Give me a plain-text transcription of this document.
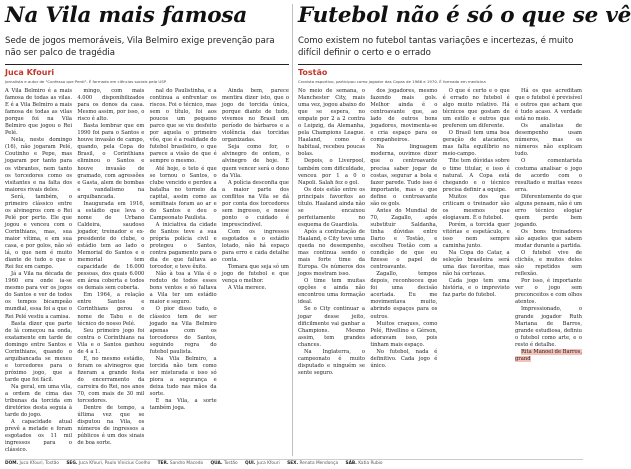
Na Vila mais famosa

Sede de jogos memoráveis, Vila Belmiro exige prevenção para não ser palco de tragédia

Juca Kfouri
Jornalista e autor de "Confesso que Perdi". É formado em ciências sociais pela USP

A Vila Belmiro é a mais famosa de todas as vilas. E é a Vila Belmiro a mais famosa de todas as vilas porque foi na Vila Belmiro que jogou o Rei Pelé.

Nela, neste domingo (16), não jogaram Pelé, Coutinho e Pepe, mas jogaram por tanto para os vibrantes, nem tanto os torcedores como os visitantes e na falta dos maiores rivais deles.

Será, também, o primeiro clássico entre os alvinegros com o Rei Pelé por perto. Ele que jogou e venceu com o Corinthians, mas, sua maior vítima, e em sua casa, e por golos, não só lá, o que nem é muito diante de tudo o que o Rei fez em campo.

Já a Vila na década de 1960 era onde ia-se mesmo para ver os jogos do Santos e ver de todos os tempos bicampeão mundial, essa foi a que o Rei Pelé vestiu a camisa.

Basta dizer que parte de lá começou na onda, exatamente em tarde de domingo entre Santos e Corinthians, quando o arquibancada se mexeu e torcedores para o próximo jogo, que a tarde que foi fácil.

Na geral, em uma vila, a ordem de cima das tribunas da torcida em diretórios desta seguia à tarde do jogo.

A capacidade atual prevê a metade e foram esgotados os 11 mil ingressos para o clássico.

mingo, com mais 4.000 disponibilizados para os donos da casa. Mesmo assim, por isso, o risco é alto.

Basta lembrar que em 1990 foi para o Santos e houve invasão de campo, quando, pela Copa do Brasil, o Corinthians eliminou o Santos e houve invasão de gramado, com agressões e Gasta, alem de bombas e vandalismo na arquibancada.

Inaugurada em 1916, a estádio que leva o nome de Urbano Caldeira, saudoso jogador, treinador e ex-presidente do clube, o estádio tem ao lado o Memorial do Santos e o memorial tem capacidade de 16.000 pessoas, dos quais 6.000 em área coberta e todos os demais sem coberta.

Em 1964, a relação entre Santos e Corinthians gerou o nome de Tabu e de técnico do nosso Pelé.

Seu primeiro jogo foi contra o Corinthians na Vila e o Santos ganhou de 4 a 1.

E, no mesmo estádio, foram os alvinegros que fizeram a grande festa do encerramento da carreira do Rei, nos anos 70, com mais de 30 mil torcedores.

Dentre de tempo, a última vez que se disputou na Vila, os números de ingressos a públicos é um dos sinais de boa sorte.

nal do Paulistinha, e a continua a enfrentar os riscos. Foi o técnico, mas sem o título, foi aos poucos um pequeno parco que se viu desfeito por aquela o primeiro vôo, que é a realidade do futebol brasileiro, o que parece a visão de que é sempre o mesmo.

Até hoje, o teto é que se tornou o Santos, o clube vencido e perdeu a batalha no torneio da capital, assim como as semifinais foram ao ar e do Santos e deu o Campeonato Paulista.

A iniciativa da cidade de Santos teve a sua própria polícia civil e protegeu o Santos, contra pagamento para o dia de que faltava ao torcedor, e teve êxito.

Não à toa a Vila é o reduto de todos esses bons ventos e só faltava a Vila ter um estádio maior e seguro.

O pior disso tudo, o clássico tem de ser jogado na Vila Belmiro apenas com os torcedores do Santos, seguindo regra do futebol paulista.

Na Vila Belmiro, a torcida não tem como ser misturada e isso só piora a segurança e deixa tudo nas mãos da sorte.

E na Vila, a sorte também joga.

Ainda bem, parece mentira dizer isto, que o jogo de torcida única, porque diante de tudo, vivemos no Brasil um período de bárbaros e a violência das torcidas organizadas.

Seja como for, o alvinegro de ontem, o alvinegro de hoje. E quem vencer será o dono da Vila.

A polícia desconfia que a maior parte dos conflitos na Vila se dá por conta dos torcedores sem ingresso, e nesse ponto o cuidado é imprescindível.

Com os ingressos esgotados e o estádio lotado, não há espaço para erro e cada detalhe conta.

Tomara que seja só um jogo de futebol e que vença o melhor.

A Vila merece.

Futebol não é só o que se vê

Como existem no futebol tantas variações e incertezas, é muito difícil definir o certo e o errado

Tostão
Cronista esportivo, participou como jogador das Copas de 1966 e 1970. É formado em medicina

No meio de semana, o Manchester City, mais uma vez, jogou abaixo do que se espera, no empate por 2 a 2 contra o Leipzig, da Alemanha, pela Champions League. Haaland, como é habitual, recebeu poucas bolas.

Depois, o Liverpool, também com dificuldade, venceu por 1 a 0 o Napoli. Salah fez o gol.

Os dois estão entre os principais favoritos ao título. Haaland ainda não se encaixou perfeitamente no esquema de Guardiola.

Após a contratação de Haaland, o City teve uma queda no desempenho, mas continua sendo o mais forte time da Europa. Os números dos jogos mostram isso.

O time tem muitas opções e ainda não encontrou uma formação ideal.

Se o City continuar a jogar desse jeito, dificilmente vai ganhar a Champions. Mesmo assim, tem grandes chances.

Na Inglaterra, o campeonato é muito disputado e ninguém se sente seguro.

dos jogadores, mesmo fazendo mais gols. Melhor ainda é o centroavante que, ao lado de outros bons jogadores, movimenta-se e cria espaço para os companheiros.

Na linguagem moderna, ouvimos dizer que o centroavante precisa saber jogar de costas, segurar a bola e fazer parede. Tudo isso é importante, mas o que define o centroavante são os gols.

Antes do Mundial de 70, Zagallo, após substituir Saldanha, tinha dúvidas entre Dario e Tostão, e escolheu Tostão com a condição de que eu fizesse o papel de centroavante.

Zagallo, tempos depois, reconheceu que foi uma decisão acertada. Eu me movimentava muito, abrindo espaços para os outros.

Muitos craques, como Pelé, Rivellino e Gérson, adoravam isso, pois tinham mais espaço.

No futebol, nada é definitivo. Cada jogo é único.

O que é certo e o que é errado no futebol é algo muito relativo. Há técnicos que gostam de um estilo e outros que preferem um diferente.

O Brasil tem uma boa geração de atacantes, mas falta equilíbrio no meio-campo.

Tite tem dúvidas sobre o time titular, e isso é natural. A Copa está chegando e o técnico precisa definir a equipe.

Muitos dos que criticam o treinador são os mesmos que elogiavam. É o futebol.

Porém, a torcida quer vitórias e espetáculo, e isso nem sempre caminha junto.

Na Copa do Catar, a seleção brasileira será uma das favoritas, mas não há certezas.

Cada jogo tem uma história, e o imprevisto faz parte do futebol.

Há os que acreditam que o futebol é previsível e outros que acham que é tudo acaso. A verdade está no meio.

Os analistas de desempenho usam números, mas os números não explicam tudo.

O comentarista costuma analisar o jogo de acordo com o resultado e muitas vezes erra.

Diferentemente do que alguns pensam, não é um erro técnico elogiar quem perde bem jogando.

Os bons treinadores são aqueles que sabem mudar durante a partida.

O futebol vive de clichês, e muitos deles são repetidos sem reflexão.

Por isso, é importante ver o jogo sem preconceitos e com olhos atentos.

Impressionado, o grande jogador Ruth Mariana de Barros, grande estudiosa, definiu o futebol como arte, e o resto é detalhe.

Rita Manoel de Barros, grand

DOM. Juca Kfouri, Tostão SEG. Juca Kfouri, Paulo Vinicius Coelho TER. Sandro Macedo QUA. Tostão QUI. Juca Kfouri SEX. Renata Mendonça SÁB. Katia Rubio
